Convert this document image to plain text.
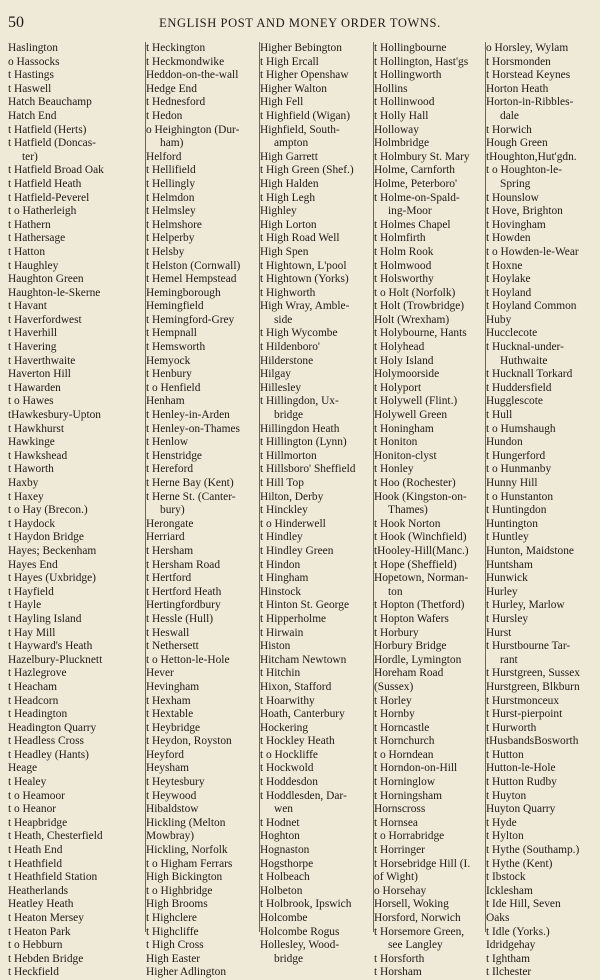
50	ENGLISH POST AND MONEY ORDER TOWNS.
Haslington
o Hassocks
t Hastings
t Haswell
Hatch Beauchamp
Hatch End
t Hatfield (Herts)
t Hatfield (Doncas-
ter)
t Hatfield Broad Oak
t Hatfield Heath
t Hatfield-Peverel
t o Hatherleigh
t Hathern
t Hathersage
t Hatton
t Haughley
Haughton Green
Haughton-le-Skerne
t Havant
t Haverfordwest
t Haverhill
t Havering
t Haverthwaite
Haverton Hill
t Hawarden
t o Hawes
tHawkesbury-Upton
t Hawkhurst
Hawkinge
t Hawkshead
t Haworth
Haxby
t Haxey
t o Hay (Brecon.)
t Haydock
t Haydon Bridge
Hayes; Beckenham
Hayes End
t Hayes (Uxbridge)
t Hayfield
t Hayle
t Hayling Island
t Hay Mill
t Hayward's Heath
Hazelbury-Plucknett
t Hazlegrove
t Heacham
t Headcorn
t Headington
Headington Quarry
t Headless Cross
t Headley (Hants)
Heage
t Healey
t o Heamoor
t o Heanor
t Heapbridge
t Heath, Chesterfield
t Heath End
t Heathfield
t Heathfield Station
Heatherlands
Heatley Heath
t Heaton Mersey
t Heaton Park
t o Hebburn
t Hebden Bridge
t Heckfield
t Heckington
t Heckmondwike
Heddon-on-the-wall
Hedge End
t Hednesford
t Hedon
o Heighington (Dur-
ham)
Helford
t Hellifield
t Hellingly
t Helmdon
t Helmsley
t Helmshore
t Helperby
t Helsby
t Helston (Cornwall)
t Hemel Hempstead
Hemingborough
Hemingfield
t Hemingford-Grey
t Hempnall
t Hemsworth
Hemyock
t Henbury
t o Henfield
Henham
t Henley-in-Arden
t Henley-on-Thames
t Henlow
t Henstridge
t Hereford
t Herne Bay (Kent)
t Herne St. (Canter-
bury)
Herongate
Herriard
t Hersham
t Hersham Road
t Hertford
t Hertford Heath
Hertingfordbury
t Hessle (Hull)
t Heswall
t Nethersett
t o Hetton-le-Hole
Hever
Hevingham
t Hexham
t Hextable
t Heybridge
t Heydon, Royston
Heyford
Heysham
t Heytesbury
t Heywood
Hibaldstow
Hickling (Melton
Mowbray)
Hickling, Norfolk
t o Higham Ferrars
High Bickington
t o Highbridge
High Brooms
t Highclere
t Highcliffe
t High Cross
High Easter
Higher Adlington
Higher Bebington
t High Ercall
t Higher Openshaw
Higher Walton
High Fell
t Highfield (Wigan)
Highfield, South-
ampton
High Garrett
t High Green (Shef.)
High Halden
t High Legh
Highley
High Lorton
t High Road Well
High Spen
t Hightown, L'pool
t Hightown (Yorks)
t Highworth
High Wray, Amble-
side
t High Wycombe
t Hildenboro'
Hilderstone
Hilgay
Hillesley
t Hillingdon, Ux-
bridge
Hillingdon Heath
t Hillington (Lynn)
t Hillmorton
t Hillsboro' Sheffield
t Hill Top
Hilton, Derby
t Hinckley
t o Hinderwell
t Hindley
t Hindley Green
t Hindon
t Hingham
Hinstock
t Hinton St. George
t Hipperholme
t Hirwain
Histon
Hitcham Newtown
t Hitchin
Hixon, Stafford
t Hoarwithy
Hoath, Canterbury
Hockering
t Hockley Heath
t o Hockliffe
t Hockwold
t Hoddesdon
t Hoddlesden, Dar-
wen
t Hodnet
Hoghton
Hognaston
Hogsthorpe
t Holbeach
Holbeton
t Holbrook, Ipswich
Holcombe
Holcombe Rogus
Hollesley, Wood-
bridge
t Hollingbourne
t Hollington, Hast'gs
t Hollingworth
Hollins
t Hollinwood
t Holly Hall
Holloway
Holmbridge
t Holmbury St. Mary
Holme, Carnforth
Holme, Peterboro'
t Holme-on-Spald-
ing-Moor
t Holmes Chapel
t Holmfirth
t Holm Rook
t Holmwood
t Holsworthy
t o Holt (Norfolk)
t Holt (Trowbridge)
Holt (Wrexham)
t Holybourne, Hants
t Holyhead
t Holy Island
Holymoorside
t Holyport
t Holywell (Flint.)
Holywell Green
t Honingham
t Honiton
Honiton-clyst
t Honley
t Hoo (Rochester)
Hook (Kingston-on-
Thames)
t Hook Norton
t Hook (Winchfield)
tHooley-Hill(Manc.)
t Hope (Sheffield)
Hopetown, Norman-
ton
t Hopton (Thetford)
t Hopton Wafers
t Horbury
Horbury Bridge
Hordle, Lymington
Horeham Road
(Sussex)
t Horley
t Hornby
t Horncastle
t Hornchurch
t o Horndean
t Horndon-on-Hill
t Horninglow
t Horningsham
Hornscross
t Hornsea
t o Horrabridge
t Horringer
t Horsebridge Hill (I.
of Wight)
o Horsehay
Horsell, Woking
Horsford, Norwich
t Horsemore Green,
see Langley
t Horsforth
t Horsham
o Horsley, Wylam
t Horsmonden
t Horstead Keynes
Horton Heath
Horton-in-Ribbles-
dale
t Horwich
Hough Green
tHoughton,Hut'gdn.
t o Houghton-le-
Spring
t Hounslow
t Hove, Brighton
t Hovingham
t Howden
t o Howden-le-Wear
t Hoxne
t Hoylake
t Hoyland
t Hoyland Common
Huby
Hucclecote
t Hucknal-under-
Huthwaite
t Hucknall Torkard
t Huddersfield
Hugglescote
t Hull
t o Humshaugh
Hundon
t Hungerford
t o Hunmanby
Hunny Hill
t o Hunstanton
t Huntingdon
Huntington
t Huntley
Hunton, Maidstone
Huntsham
Hunwick
Hurley
t Hurley, Marlow
t Hursley
Hurst
t Hurstbourne Tar-
rant
t Hurstgreen, Sussex
Hurstgreen, Blkburn
t Hurstmonceux
t Hurst-pierpoint
t Hurworth
tHusbandsBosworth
t Hutton
Hutton-le-Hole
t Hutton Rudby
t Huyton
Huyton Quarry
t Hyde
t Hylton
t Hythe (Southamp.)
t Hythe (Kent)
t Ibstock
Icklesham
t Ide Hill, Seven
Oaks
t Idle (Yorks.)
Idridgehay
t Ightham
t Ilchester
